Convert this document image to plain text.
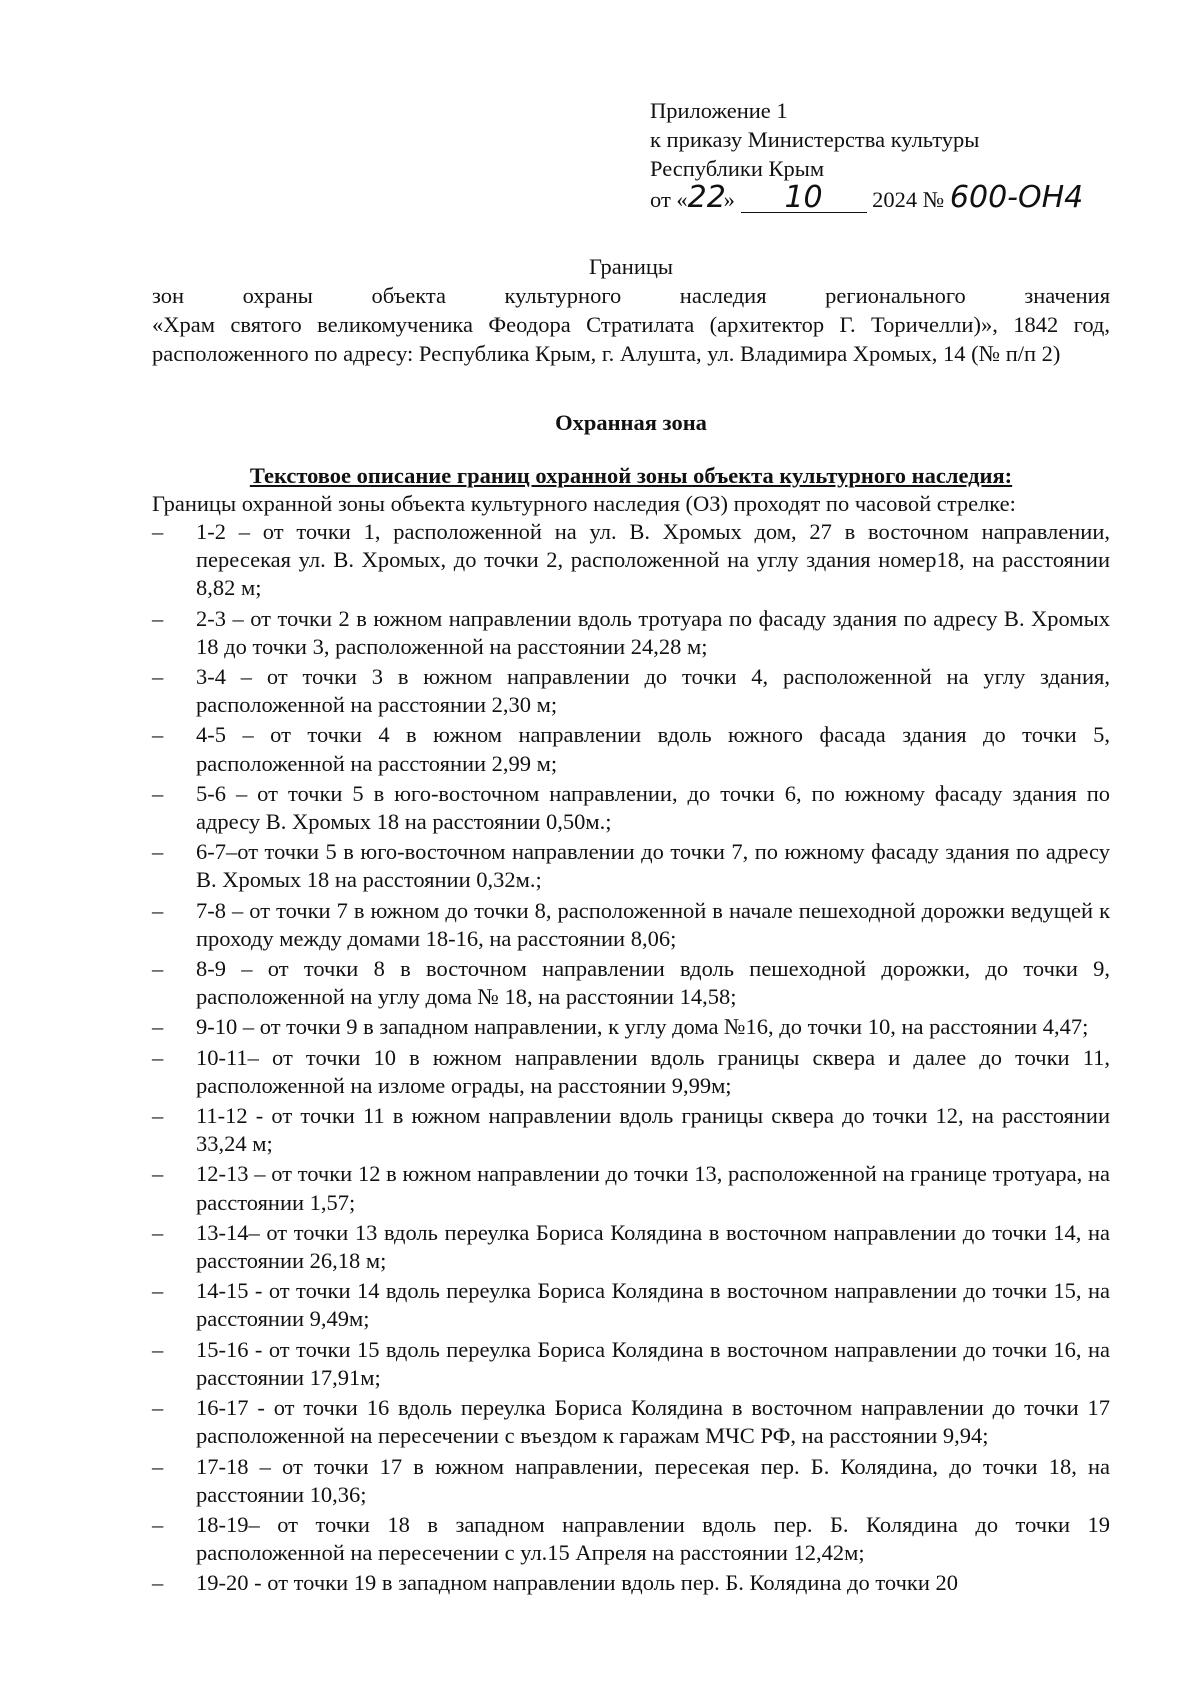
Приложение 1
к приказу Министерства культуры
Республики Крым
от «22» 10 2024 № 600-ОН4
Границы
зон	охраны	объекта	культурного	наследия	регионального	значения
«Храм святого великомученика Феодора Стратилата (архитектор Г. Торичелли)», 1842 год, расположенного по адресу: Республика Крым, г. Алушта, ул. Владимира Хромых, 14 (№ п/п 2)
Охранная зона
Текстовое описание границ охранной зоны объекта культурного наследия:
Границы охранной зоны объекта культурного наследия (ОЗ) проходят по часовой стрелке:
– 1-2 – от точки 1, расположенной на ул. В. Хромых дом, 27 в восточном направлении, пересекая ул. В. Хромых, до точки 2, расположенной на углу здания номер18, на расстоянии 8,82 м;
– 2-3 – от точки 2 в южном направлении вдоль тротуара по фасаду здания по адресу В. Хромых 18 до точки 3, расположенной на расстоянии 24,28 м;
– 3-4 – от точки 3 в южном направлении до точки 4, расположенной на углу здания, расположенной на расстоянии 2,30 м;
– 4-5 – от точки 4 в южном направлении вдоль южного фасада здания до точки 5, расположенной на расстоянии 2,99 м;
– 5-6 – от точки 5 в юго-восточном направлении, до точки 6, по южному фасаду здания по адресу В. Хромых 18 на расстоянии 0,50м.;
– 6-7–от точки 5 в юго-восточном направлении до точки 7, по южному фасаду здания по адресу В. Хромых 18 на расстоянии 0,32м.;
– 7-8 – от точки 7 в южном до точки 8, расположенной в начале пешеходной дорожки ведущей к проходу между домами 18-16, на расстоянии 8,06;
– 8-9 – от точки 8 в восточном направлении вдоль пешеходной дорожки, до точки 9, расположенной на углу дома № 18, на расстоянии 14,58;
– 9-10 – от точки 9 в западном направлении, к углу дома №16, до точки 10, на расстоянии 4,47;
– 10-11– от точки 10 в южном направлении вдоль границы сквера и далее до точки 11, расположенной на изломе ограды, на расстоянии 9,99м;
– 11-12 - от точки 11 в южном направлении вдоль границы сквера до точки 12, на расстоянии 33,24 м;
– 12-13 – от точки 12 в южном направлении до точки 13, расположенной на границе тротуара, на расстоянии 1,57;
– 13-14– от точки 13 вдоль переулка Бориса Колядина в восточном направлении до точки 14, на расстоянии 26,18 м;
– 14-15 - от точки 14 вдоль переулка Бориса Колядина в восточном направлении до точки 15, на расстоянии 9,49м;
– 15-16 - от точки 15 вдоль переулка Бориса Колядина в восточном направлении до точки 16, на расстоянии 17,91м;
– 16-17 - от точки 16 вдоль переулка Бориса Колядина в восточном направлении до точки 17 расположенной на пересечении с въездом к гаражам МЧС РФ, на расстоянии 9,94;
– 17-18 – от точки 17 в южном направлении, пересекая пер. Б. Колядина, до точки 18, на расстоянии 10,36;
– 18-19– от точки 18 в западном направлении вдоль пер. Б. Колядина до точки 19 расположенной на пересечении с ул.15 Апреля на расстоянии 12,42м;
– 19-20 - от точки 19 в западном направлении вдоль пер. Б. Колядина до точки 20
